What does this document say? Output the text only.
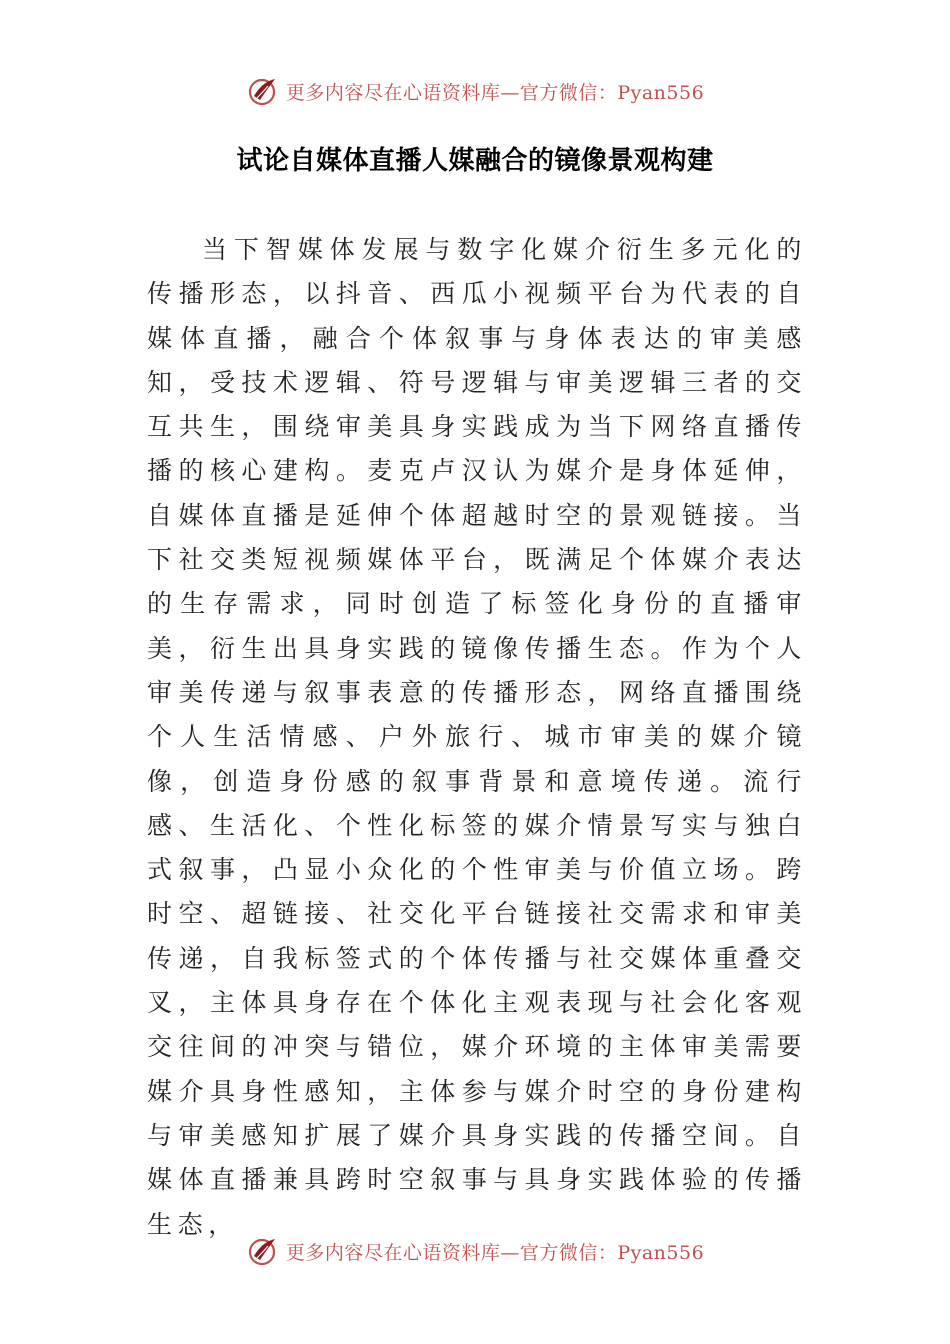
更多内容尽在心语资料库—官方微信：Pyan556
试论自媒体直播人媒融合的镜像景观构建

当下智媒体发展与数字化媒介衍生多元化的传播形态，以抖音、西瓜小视频平台为代表的自媒体直播，融合个体叙事与身体表达的审美感知，受技术逻辑、符号逻辑与审美逻辑三者的交互共生，围绕审美具身实践成为当下网络直播传播的核心建构。麦克卢汉认为媒介是身体延伸，自媒体直播是延伸个体超越时空的景观链接。当下社交类短视频媒体平台，既满足个体媒介表达的生存需求，同时创造了标签化身份的直播审美，衍生出具身实践的镜像传播生态。作为个人审美传递与叙事表意的传播形态，网络直播围绕个人生活情感、户外旅行、城市审美的媒介镜像，创造身份感的叙事背景和意境传递。流行感、生活化、个性化标签的媒介情景写实与独白式叙事，凸显小众化的个性审美与价值立场。跨时空、超链接、社交化平台链接社交需求和审美传递，自我标签式的个体传播与社交媒体重叠交叉，主体具身存在个体化主观表现与社会化客观交往间的冲突与错位，媒介环境的主体审美需要媒介具身性感知，主体参与媒介时空的身份建构与审美感知扩展了媒介具身实践的传播空间。自媒体直播兼具跨时空叙事与具身实践体验的传播生态，

更多内容尽在心语资料库—官方微信：Pyan556
